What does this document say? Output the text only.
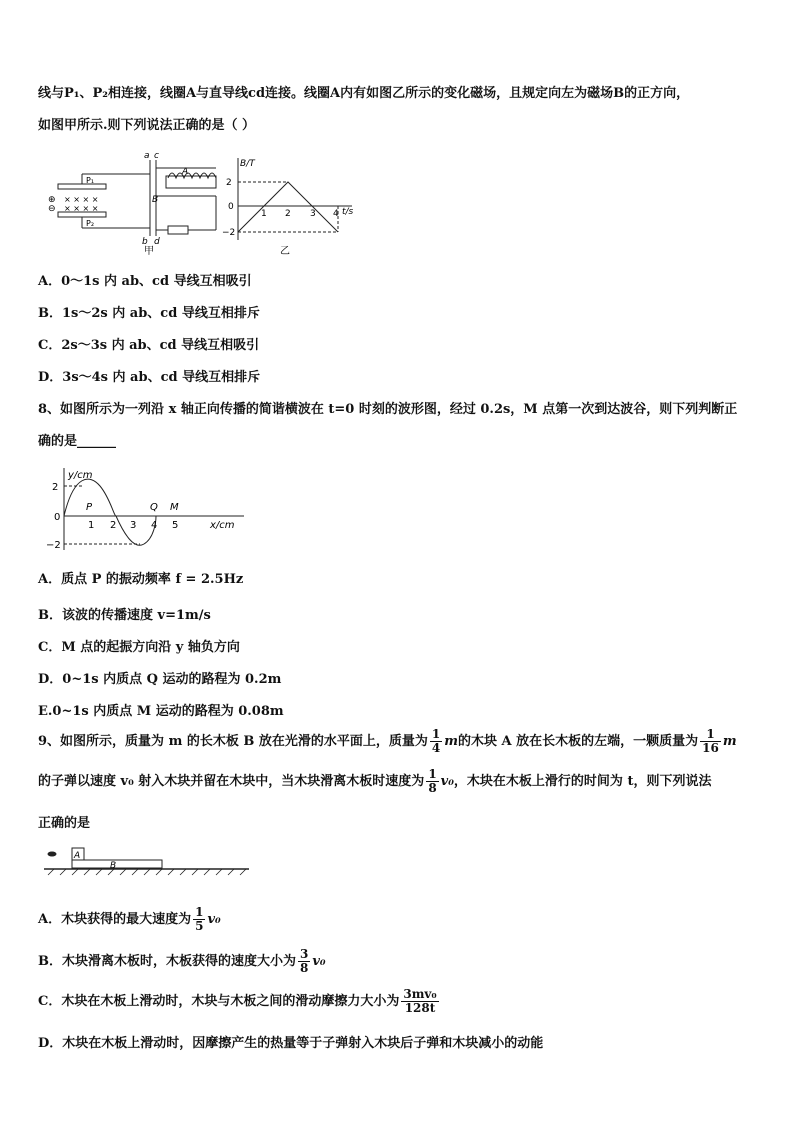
线与P₁、P₂相连接，线圈A与直导线cd连接。线圈A内有如图乙所示的变化磁场，且规定向左为磁场B的正方向，
如图甲所示.则下列说法正确的是（ ）
a c
A
B
P₁
P₂
⊕
⊖
× × × ×
× × × ×
b d
甲
B/T
t/s
2
0
−2
1 2 3 4
乙
A．0～1s 内 ab、cd 导线互相吸引
B．1s～2s 内 ab、cd 导线互相排斥
C．2s～3s 内 ab、cd 导线互相吸引
D．3s～4s 内 ab、cd 导线互相排斥
8、如图所示为一列沿 x 轴正向传播的简谐横波在 t=0 时刻的波形图，经过 0.2s，M 点第一次到达波谷，则下列判断正
确的是______
y/cm
x/cm
2
0
−2
1 2 3 4 5
P	Q M
A．质点 P 的振动频率 f = 2.5Hz
B．该波的传播速度 v=1m/s
C．M 点的起振方向沿 y 轴负方向
D．0~1s 内质点 Q 运动的路程为 0.2m
E.0~1s 内质点 M 运动的路程为 0.08m
9、如图所示，质量为 m 的长木板 B 放在光滑的水平面上，质量为 $\frac{1}{4}$ m的木块 A 放在长木板的左端，一颗质量为 $\frac{1}{16}$ m
的子弹以速度 v₀ 射入木块并留在木块中，当木块滑离木板时速度为 $\frac{1}{8} v_0$，木块在木板上滑行的时间为 t，则下列说法
正确的是
A
B
A．木块获得的最大速度为 $\frac{1}{5} v_0$
B．木块滑离木板时，木板获得的速度大小为 $\frac{3}{8} v_0$
C．木块在木板上滑动时，木块与木板之间的滑动摩擦力大小为 $\frac{\text{3mv₀}}{128t}$
D．木块在木板上滑动时，因摩擦产生的热量等于子弹射入木块后子弹和木块减小的动能
